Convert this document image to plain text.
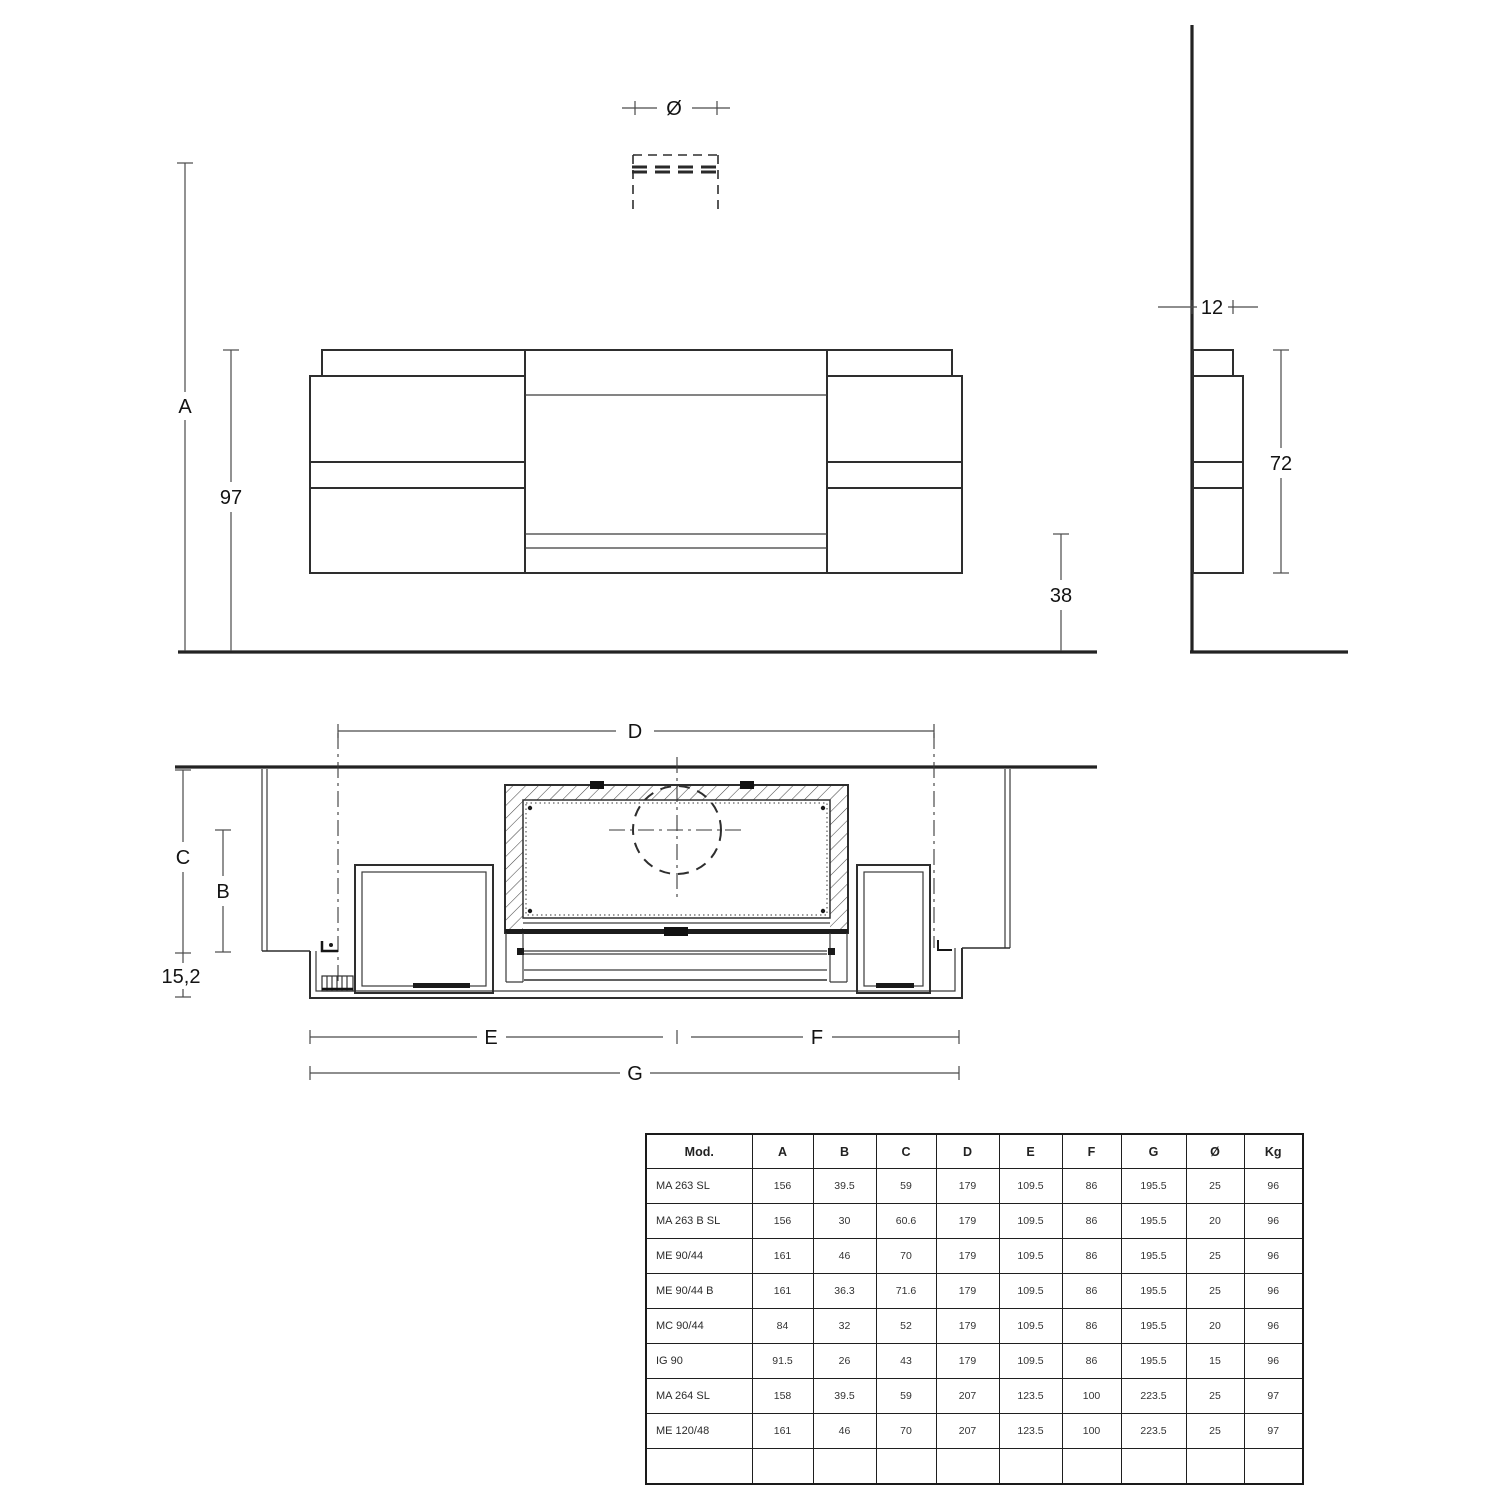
Ø
A
97
38
12
72
D
C
B
15,2
E	F
G
Mod.	A	B	C	D	E	F	G	Ø	Kg
MA 263 SL	156	39.5	59	179	109.5	86	195.5	25	96
MA 263 B SL	156	30	60.6	179	109.5	86	195.5	20	96
ME 90/44	161	46	70	179	109.5	86	195.5	25	96
ME 90/44 B	161	36.3	71.6	179	109.5	86	195.5	25	96
MC 90/44	84	32	52	179	109.5	86	195.5	20	96
IG 90	91.5	26	43	179	109.5	86	195.5	15	96
MA 264 SL	158	39.5	59	207	123.5	100	223.5	25	97
ME 120/48	161	46	70	207	123.5	100	223.5	25	97
